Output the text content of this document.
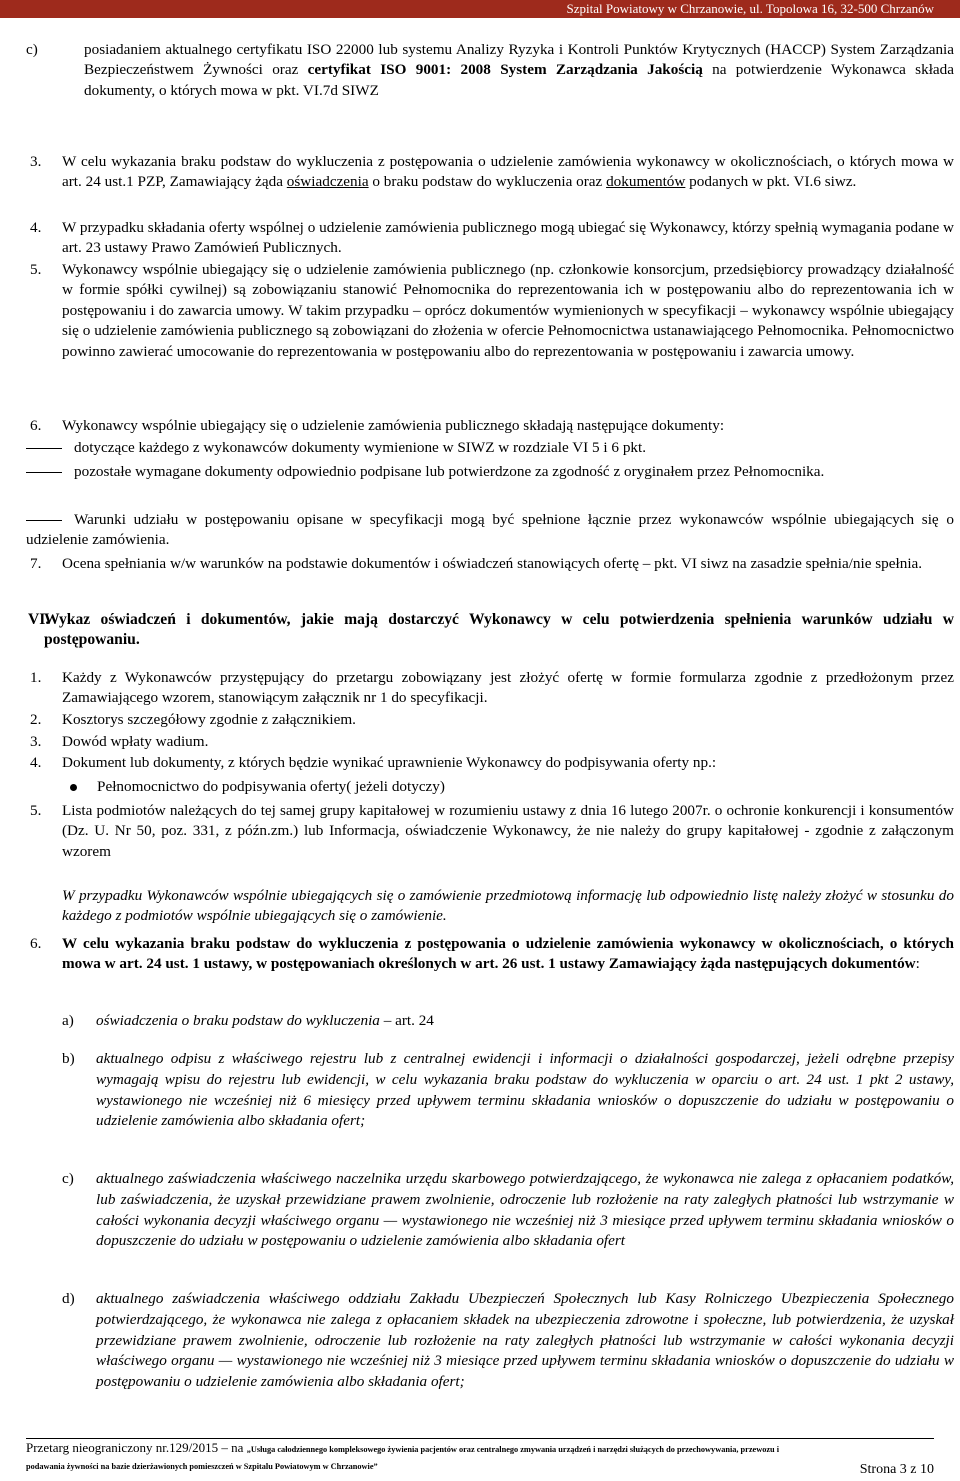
Szpital Powiatowy w Chrzanowie, ul. Topolowa 16, 32-500 Chrzanów
c)	posiadaniem aktualnego certyfikatu ISO 22000 lub systemu Analizy Ryzyka i Kontroli Punktów Krytycznych (HACCP) System Zarządzania Bezpieczeństwem Żywności oraz certyfikat ISO 9001: 2008 System Zarządzania Jakością na potwierdzenie Wykonawca składa dokumenty, o których mowa w pkt. VI.7d SIWZ
3. W celu wykazania braku podstaw do wykluczenia z postępowania o udzielenie zamówienia wykonawcy w okolicznościach, o których mowa w art. 24 ust.1 PZP, Zamawiający żąda oświadczenia o braku podstaw do wykluczenia oraz dokumentów podanych w pkt. VI.6 siwz.
4. W przypadku składania oferty wspólnej o udzielenie zamówienia publicznego mogą ubiegać się Wykonawcy, którzy spełnią wymagania podane w art. 23 ustawy Prawo Zamówień Publicznych.
5. Wykonawcy wspólnie ubiegający się o udzielenie zamówienia publicznego (np. członkowie konsorcjum, przedsiębiorcy prowadzący działalność w formie spółki cywilnej) są zobowiązaniu stanowić Pełnomocnika do reprezentowania ich w postępowaniu albo do reprezentowania ich w postępowaniu i do zawarcia umowy. W takim przypadku – oprócz dokumentów wymienionych w specyfikacji – wykonawcy wspólnie ubiegający się o udzielenie zamówienia publicznego są zobowiązani do złożenia w ofercie Pełnomocnictwa ustanawiającego Pełnomocnika. Pełnomocnictwo powinno zawierać umocowanie do reprezentowania w postępowaniu albo do reprezentowania w postępowaniu i zawarcia umowy.
6. Wykonawcy wspólnie ubiegający się o udzielenie zamówienia publicznego składają następujące dokumenty:
dotyczące każdego z wykonawców dokumenty wymienione w SIWZ w rozdziale VI 5 i 6 pkt.
pozostałe wymagane dokumenty odpowiednio podpisane lub potwierdzone za zgodność z oryginałem przez Pełnomocnika.
Warunki udziału w postępowaniu opisane w specyfikacji mogą być spełnione łącznie przez wykonawców wspólnie ubiegających się o udzielenie zamówienia.
7. Ocena spełniania w/w warunków na podstawie dokumentów i oświadczeń stanowiących ofertę – pkt. VI siwz na zasadzie spełnia/nie spełnia.
VI.
Wykaz oświadczeń i dokumentów, jakie mają dostarczyć Wykonawcy w celu potwierdzenia spełnienia warunków udziału w postępowaniu.
1. Każdy z Wykonawców przystępujący do przetargu zobowiązany jest złożyć ofertę w formie formularza zgodnie z przedłożonym przez Zamawiającego wzorem, stanowiącym załącznik nr 1 do specyfikacji.
2. Kosztorys szczegółowy zgodnie z załącznikiem.
3. Dowód wpłaty wadium.
4. Dokument lub dokumenty, z których będzie wynikać uprawnienie Wykonawcy do podpisywania oferty np.:
Pełnomocnictwo do podpisywania oferty( jeżeli dotyczy)
5. Lista podmiotów należących do tej samej grupy kapitałowej w rozumieniu ustawy z dnia 16 lutego 2007r. o ochronie konkurencji i konsumentów (Dz. U. Nr 50, poz. 331, z późn.zm.) lub Informacja, oświadczenie Wykonawcy, że nie należy do grupy kapitałowej - zgodnie z załączonym wzorem
W przypadku Wykonawców wspólnie ubiegających się o zamówienie przedmiotową informację lub odpowiednio listę należy złożyć w stosunku do każdego z podmiotów wspólnie ubiegających się o zamówienie.
6. W celu wykazania braku podstaw do wykluczenia z postępowania o udzielenie zamówienia wykonawcy w okolicznościach, o których mowa w art. 24 ust. 1 ustawy, w postępowaniach określonych w art. 26 ust. 1 ustawy Zamawiający żąda następujących dokumentów:
a) oświadczenia o braku podstaw do wykluczenia – art. 24
b) aktualnego odpisu z właściwego rejestru lub z centralnej ewidencji i informacji o działalności gospodarczej, jeżeli odrębne przepisy wymagają wpisu do rejestru lub ewidencji, w celu wykazania braku podstaw do wykluczenia w oparciu o art. 24 ust. 1 pkt 2 ustawy, wystawionego nie wcześniej niż 6 miesięcy przed upływem terminu składania wniosków o dopuszczenie do udziału w postępowaniu o udzielenie zamówienia albo składania ofert;
c) aktualnego zaświadczenia właściwego naczelnika urzędu skarbowego potwierdzającego, że wykonawca nie zalega z opłacaniem podatków, lub zaświadczenia, że uzyskał przewidziane prawem zwolnienie, odroczenie lub rozłożenie na raty zaległych płatności lub wstrzymanie w całości wykonania decyzji właściwego organu — wystawionego nie wcześniej niż 3 miesiące przed upływem terminu składania wniosków o dopuszczenie do udziału w postępowaniu o udzielenie zamówienia albo składania ofert
d) aktualnego zaświadczenia właściwego oddziału Zakładu Ubezpieczeń Społecznych lub Kasy Rolniczego Ubezpieczenia Społecznego potwierdzającego, że wykonawca nie zalega z opłacaniem składek na ubezpieczenia zdrowotne i społeczne, lub potwierdzenia, że uzyskał przewidziane prawem zwolnienie, odroczenie lub rozłożenie na raty zaległych płatności lub wstrzymanie w całości wykonania decyzji właściwego organu — wystawionego nie wcześniej niż 3 miesiące przed upływem terminu składania wniosków o dopuszczenie do udziału w postępowaniu o udzielenie zamówienia albo składania ofert;
Przetarg nieograniczony nr.129/2015 – na „Usługa całodziennego kompleksowego żywienia pacjentów oraz centralnego zmywania urządzeń i narzędzi służących do przechowywania, przewozu i
podawania żywności na bazie dzierżawionych pomieszczeń w Szpitalu Powiatowym w Chrzanowie”	Strona 3 z 10
